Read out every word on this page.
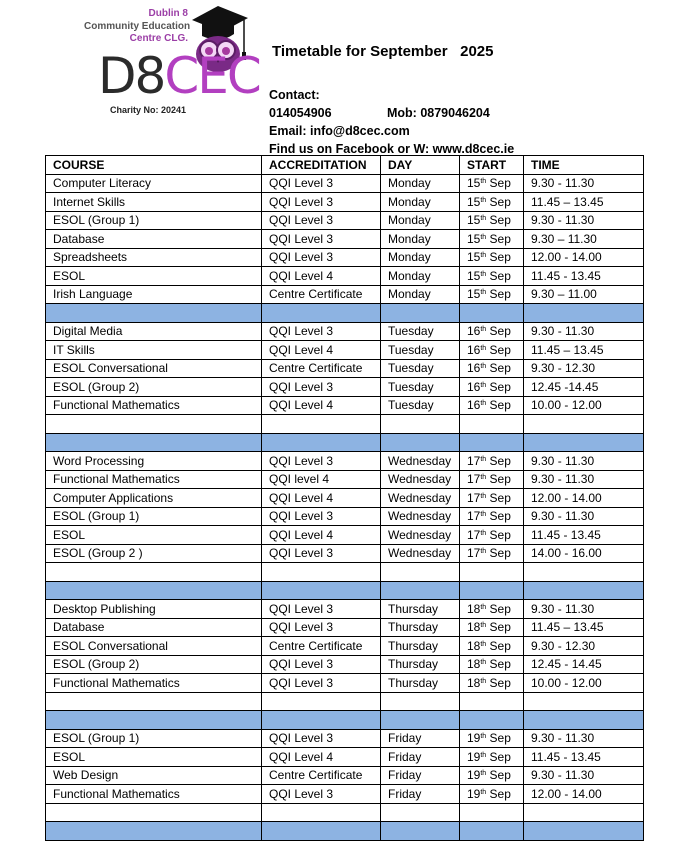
Dublin 8
Community Education
Centre CLG.
D8CEC
Charity No: 20241
Timetable for September   2025
Contact:
014054906	Mob: 0879046204
Email: info@d8cec.com
Find us on Facebook or W: www.d8cec.ie
COURSE	ACCREDITATION	DAY	START	TIME
Computer Literacy	QQI Level 3	Monday	15th Sep	9.30 - 11.30
Internet Skills	QQI Level 3	Monday	15th Sep	11.45 – 13.45
ESOL (Group 1)	QQI Level 3	Monday	15th Sep	9.30 - 11.30
Database	QQI Level 3	Monday	15th Sep	9.30 – 11.30
Spreadsheets	QQI Level 3	Monday	15th Sep	12.00 - 14.00
ESOL	QQI Level 4	Monday	15th Sep	11.45 - 13.45
Irish Language	Centre Certificate	Monday	15th Sep	9.30 – 11.00

Digital Media	QQI Level 3	Tuesday	16th Sep	9.30 - 11.30
IT Skills	QQI Level 4	Tuesday	16th Sep	11.45 – 13.45
ESOL Conversational	Centre Certificate	Tuesday	16th Sep	9.30 - 12.30
ESOL (Group 2)	QQI Level 3	Tuesday	16th Sep	12.45 -14.45
Functional Mathematics	QQI Level 4	Tuesday	16th Sep	10.00 - 12.00

Word Processing	QQI Level 3	Wednesday	17th Sep	9.30 - 11.30
Functional Mathematics	QQI level 4	Wednesday	17th Sep	9.30 - 11.30
Computer Applications	QQI Level 4	Wednesday	17th Sep	12.00 - 14.00
ESOL (Group 1)	QQI Level 3	Wednesday	17th Sep	9.30 - 11.30
ESOL	QQI Level 4	Wednesday	17th Sep	11.45 - 13.45
ESOL (Group 2 )	QQI Level 3	Wednesday	17th Sep	14.00 - 16.00

Desktop Publishing	QQI Level 3	Thursday	18th Sep	9.30 - 11.30
Database	QQI Level 3	Thursday	18th Sep	11.45 – 13.45
ESOL Conversational	Centre Certificate	Thursday	18th Sep	9.30 - 12.30
ESOL (Group 2)	QQI Level 3	Thursday	18th Sep	12.45 - 14.45
Functional Mathematics	QQI Level 3	Thursday	18th Sep	10.00 - 12.00

ESOL (Group 1)	QQI Level 3	Friday	19th Sep	9.30 - 11.30
ESOL	QQI Level 4	Friday	19th Sep	11.45 - 13.45
Web Design	Centre Certificate	Friday	19th Sep	9.30 - 11.30
Functional Mathematics	QQI Level 3	Friday	19th Sep	12.00 - 14.00
